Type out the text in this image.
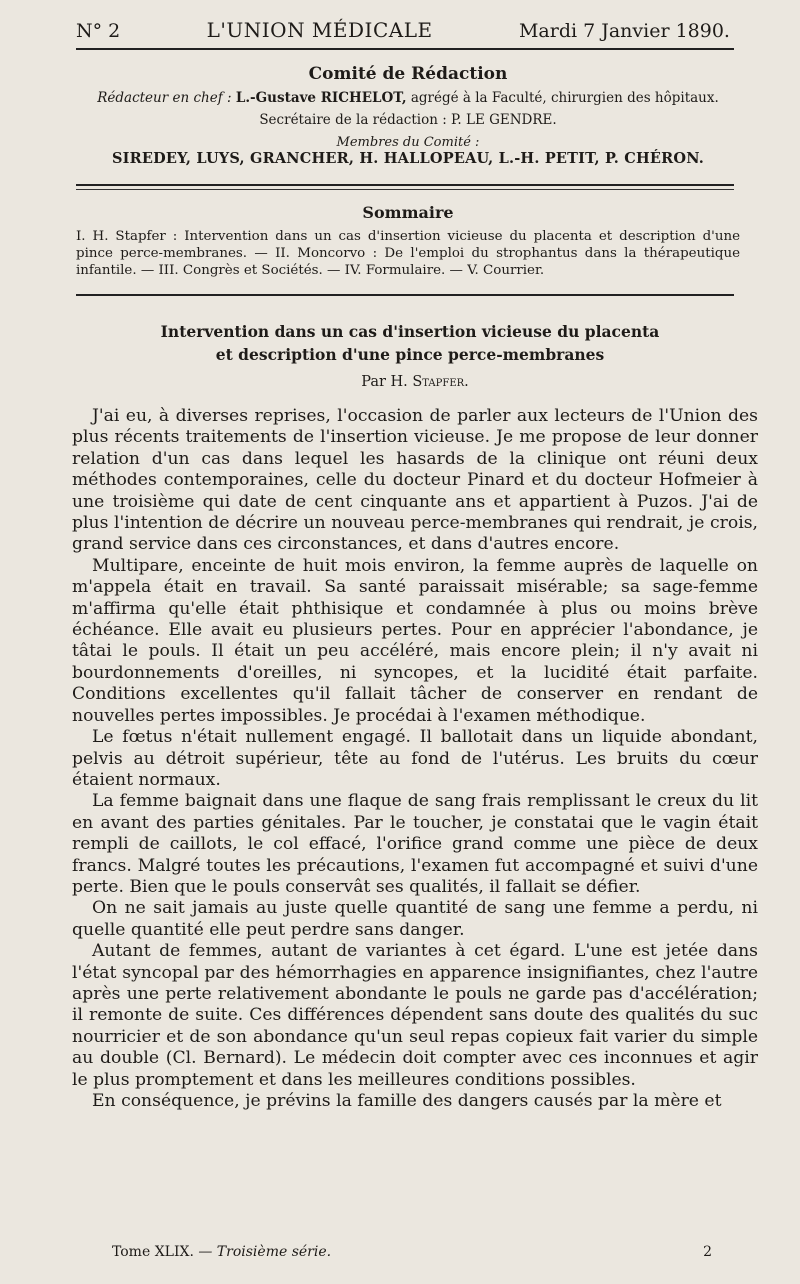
N° 2	L'UNION MÉDICALE	Mardi 7 Janvier 1890.
Comité de Rédaction
Rédacteur en chef : L.-Gustave RICHELOT, agrégé à la Faculté, chirurgien des hôpitaux.
Secrétaire de la rédaction : P. LE GENDRE.
Membres du Comité :
SIREDEY, LUYS, GRANCHER, H. HALLOPEAU, L.-H. PETIT, P. CHÉRON.
Sommaire
I. H. Stapfer : Intervention dans un cas d'insertion vicieuse du placenta et description d'une pince perce-membranes. — II. Moncorvo : De l'emploi du strophantus dans la thérapeutique infantile. — III. Congrès et Sociétés. — IV. Formulaire. — V. Courrier.
Intervention dans un cas d'insertion vicieuse du placenta
et description d'une pince perce-membranes
Par H. Stapfer.

J'ai eu, à diverses reprises, l'occasion de parler aux lecteurs de l'Union des plus récents traitements de l'insertion vicieuse. Je me propose de leur donner relation d'un cas dans lequel les hasards de la clinique ont réuni deux méthodes contemporaines, celle du docteur Pinard et du docteur Hofmeier à une troisième qui date de cent cinquante ans et appartient à Puzos. J'ai de plus l'intention de décrire un nouveau perce-membranes qui rendrait, je crois, grand service dans ces circonstances, et dans d'autres encore.

Multipare, enceinte de huit mois environ, la femme auprès de laquelle on m'appela était en travail. Sa santé paraissait misérable; sa sage-femme m'affirma qu'elle était phthisique et condamnée à plus ou moins brève échéance. Elle avait eu plusieurs pertes. Pour en apprécier l'abondance, je tâtai le pouls. Il était un peu accéléré, mais encore plein; il n'y avait ni bourdonnements d'oreilles, ni syncopes, et la lucidité était parfaite. Conditions excellentes qu'il fallait tâcher de conserver en rendant de nouvelles pertes impossibles. Je procédai à l'examen méthodique.

Le fœtus n'était nullement engagé. Il ballotait dans un liquide abondant, pelvis au détroit supérieur, tête au fond de l'utérus. Les bruits du cœur étaient normaux.

La femme baignait dans une flaque de sang frais remplissant le creux du lit en avant des parties génitales. Par le toucher, je constatai que le vagin était rempli de caillots, le col effacé, l'orifice grand comme une pièce de deux francs. Malgré toutes les précautions, l'examen fut accompagné et suivi d'une perte. Bien que le pouls conservât ses qualités, il fallait se défier.

On ne sait jamais au juste quelle quantité de sang une femme a perdu, ni quelle quantité elle peut perdre sans danger.

Autant de femmes, autant de variantes à cet égard. L'une est jetée dans l'état syncopal par des hémorrhagies en apparence insignifiantes, chez l'autre après une perte relativement abondante le pouls ne garde pas d'accélération; il remonte de suite. Ces différences dépendent sans doute des qualités du suc nourricier et de son abondance qu'un seul repas copieux fait varier du simple au double (Cl. Bernard). Le médecin doit compter avec ces inconnues et agir le plus promptement et dans les meilleures conditions possibles.

En conséquence, je prévins la famille des dangers causés par la mère et

Tome XLIX. — Troisième série.	2
